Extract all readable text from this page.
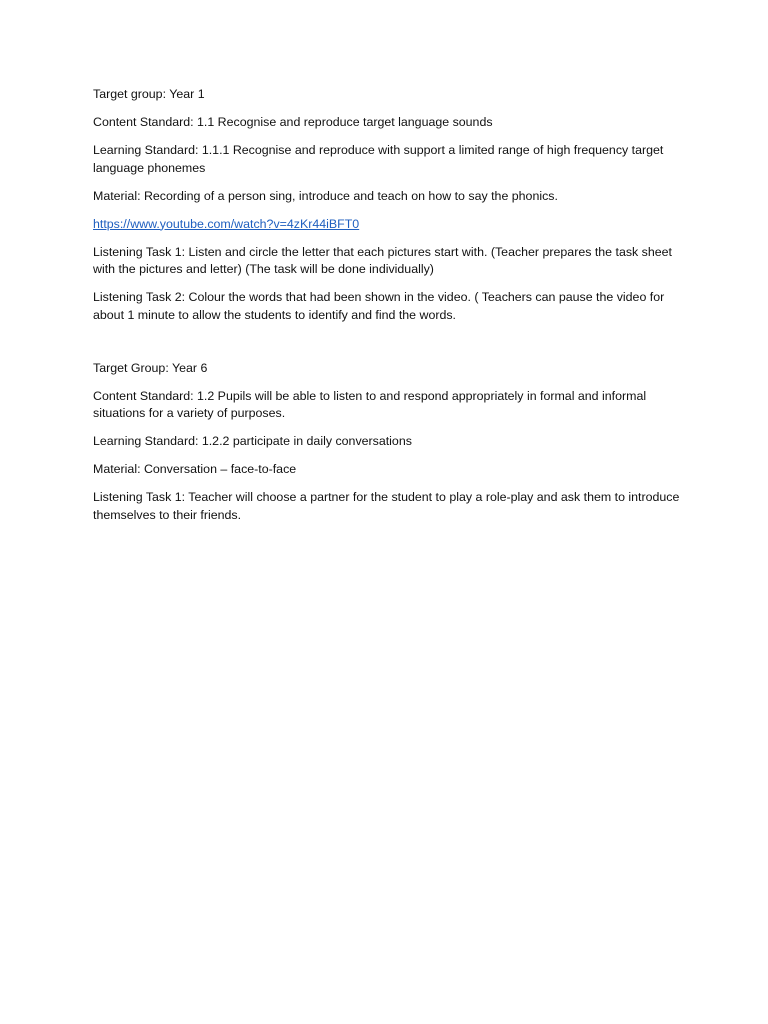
Target group: Year 1

Content Standard: 1.1 Recognise and reproduce target language sounds

Learning Standard: 1.1.1 Recognise and reproduce with support a limited range of high frequency target language phonemes

Material: Recording of a person sing, introduce and teach on how to say the phonics.

https://www.youtube.com/watch?v=4zKr44iBFT0

Listening Task 1: Listen and circle the letter that each pictures start with. (Teacher prepares the task sheet with the pictures and letter) (The task will be done individually)

Listening Task 2: Colour the words that had been shown in the video. ( Teachers can pause the video for about 1 minute to allow the students to identify and find the words.

Target Group: Year 6

Content Standard: 1.2 Pupils will be able to listen to and respond appropriately in formal and informal situations for a variety of purposes.

Learning Standard: 1.2.2 participate in daily conversations

Material: Conversation – face-to-face

Listening Task 1: Teacher will choose a partner for the student to play a role-play and ask them to introduce themselves to their friends.
